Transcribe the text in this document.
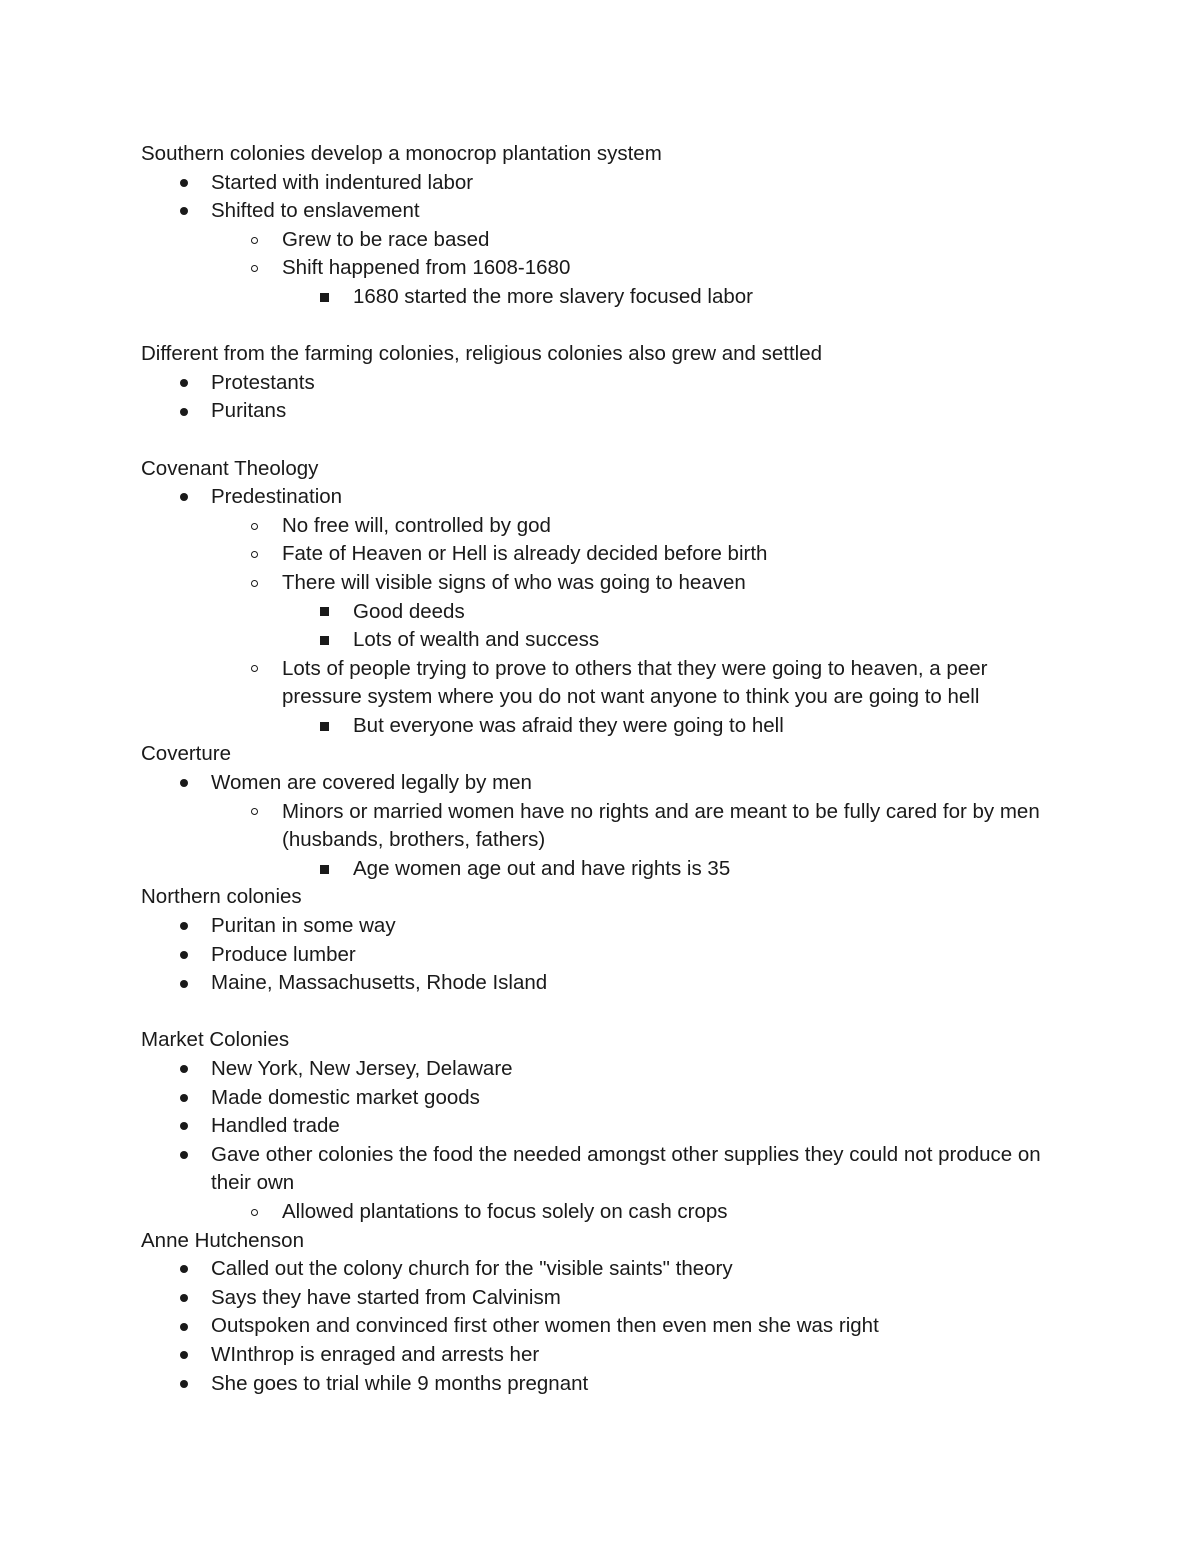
Southern colonies develop a monocrop plantation system
Started with indentured labor
Shifted to enslavement
Grew to be race based
Shift happened from 1608-1680
1680 started the more slavery focused labor
Different from the farming colonies, religious colonies also grew and settled
Protestants
Puritans
Covenant Theology
Predestination
No free will, controlled by god
Fate of Heaven or Hell is already decided before birth
There will visible signs of who was going to heaven
Good deeds
Lots of wealth and success
Lots of people trying to prove to others that they were going to heaven, a peer pressure system where you do not want anyone to think you are going to hell
But everyone was afraid they were going to hell
Coverture
Women are covered legally by men
Minors or married women have no rights and are meant to be fully cared for by men (husbands, brothers, fathers)
Age women age out and have rights is 35
Northern colonies
Puritan in some way
Produce lumber
Maine, Massachusetts, Rhode Island
Market Colonies
New York, New Jersey, Delaware
Made domestic market goods
Handled trade
Gave other colonies the food the needed amongst other supplies they could not produce on their own
Allowed plantations to focus solely on cash crops
Anne Hutchenson
Called out the colony church for the "visible saints" theory
Says they have started from Calvinism
Outspoken and convinced first other women then even men she was right
WInthrop is enraged and arrests her
She goes to trial while 9 months pregnant
